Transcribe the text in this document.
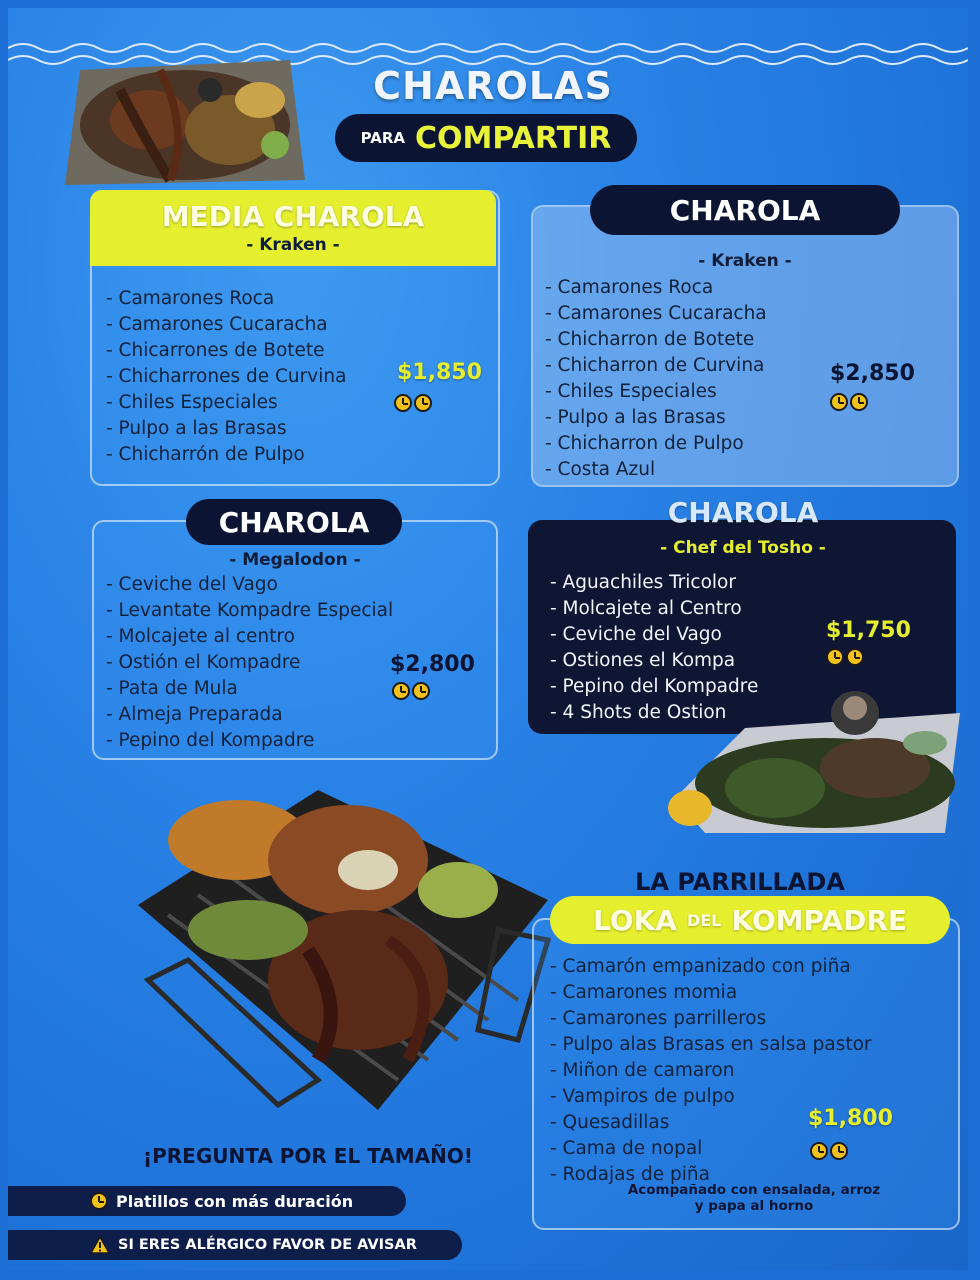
CHAROLAS
PARA COMPARTIR
MEDIA CHAROLA
- Kraken -
- Camarones Roca
- Camarones Cucaracha
- Chicarrones de Botete
- Chicharrones de Curvina
- Chiles Especiales
- Pulpo a las Brasas
- Chicharrón de Pulpo
$1,850
- Camarones Roca
- Camarones Cucaracha
- Chicharron de Botete
- Chicharron de Curvina
- Chiles Especiales
- Pulpo a las Brasas
- Chicharron de Pulpo
- Costa Azul
- Kraken -
$2,850
CHAROLA
- Megalodon -
- Ceviche del Vago
- Levantate Kompadre Especial
- Molcajete al centro
- Ostión el Kompadre
- Pata de Mula
- Almeja Preparada
- Pepino del Kompadre
$2,800
CHAROLA
- Aguachiles Tricolor
- Molcajete al Centro
- Ceviche del Vago
- Ostiones el Kompa
- Pepino del Kompadre
- 4 Shots de Ostion
- Chef del Tosho -
$1,750
CHAROLA
LA PARRILLADA
- Camarón empanizado con piña
- Camarones momia
- Camarones parrilleros
- Pulpo alas Brasas en salsa pastor
- Miñon de camaron
- Vampiros de pulpo
- Quesadillas
- Cama de nopal
- Rodajas de piña
$1,800
Acompañado con ensalada, arroz
y papa al horno
LOKA DEL KOMPADRE
¡PREGUNTA POR EL TAMAÑO!
Platillos con más duración
SI ERES ALÉRGICO FAVOR DE AVISAR
